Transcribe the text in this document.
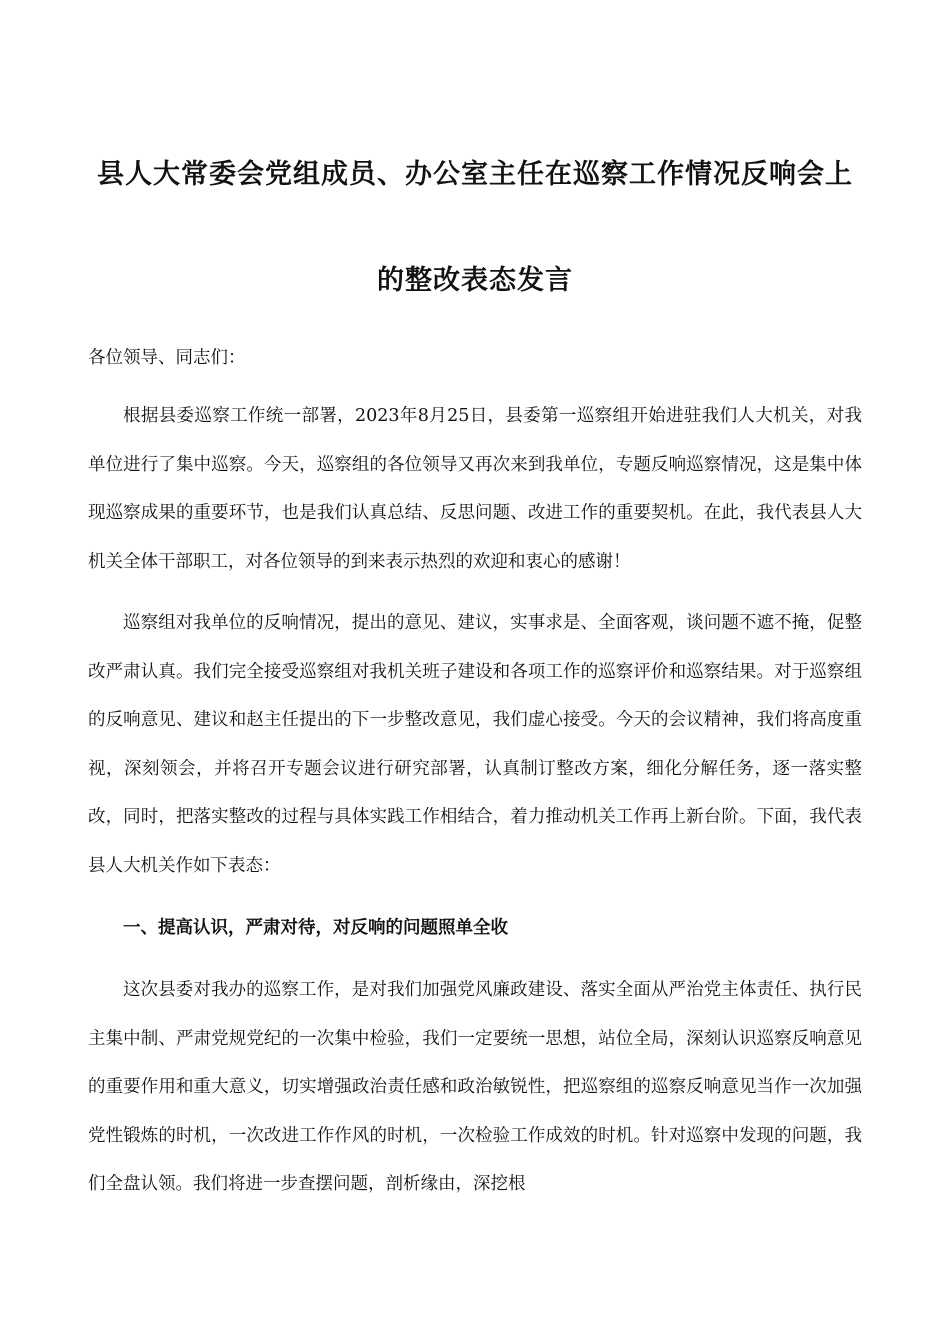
县人大常委会党组成员、办公室主任在巡察工作情况反响会上
的整改表态发言
各位领导、同志们：
根据县委巡察工作统一部署，2023年8月25日，县委第一巡察组开始进驻我们人大机关，对我单位进行了集中巡察。今天，巡察组的各位领导又再次来到我单位，专题反响巡察情况，这是集中体现巡察成果的重要环节，也是我们认真总结、反思问题、改进工作的重要契机。在此，我代表县人大机关全体干部职工，对各位领导的到来表示热烈的欢迎和衷心的感谢！
巡察组对我单位的反响情况，提出的意见、建议，实事求是、全面客观，谈问题不遮不掩，促整改严肃认真。我们完全接受巡察组对我机关班子建设和各项工作的巡察评价和巡察结果。对于巡察组的反响意见、建议和赵主任提出的下一步整改意见，我们虚心接受。今天的会议精神，我们将高度重视，深刻领会，并将召开专题会议进行研究部署，认真制订整改方案，细化分解任务，逐一落实整改，同时，把落实整改的过程与具体实践工作相结合，着力推动机关工作再上新台阶。下面，我代表县人大机关作如下表态：
一、提高认识，严肃对待，对反响的问题照单全收
这次县委对我办的巡察工作，是对我们加强党风廉政建设、落实全面从严治党主体责任、执行民主集中制、严肃党规党纪的一次集中检验，我们一定要统一思想，站位全局，深刻认识巡察反响意见的重要作用和重大意义，切实增强政治责任感和政治敏锐性，把巡察组的巡察反响意见当作一次加强党性锻炼的时机，一次改进工作作风的时机，一次检验工作成效的时机。针对巡察中发现的问题，我们全盘认领。我们将进一步查摆问题，剖析缘由，深挖根
